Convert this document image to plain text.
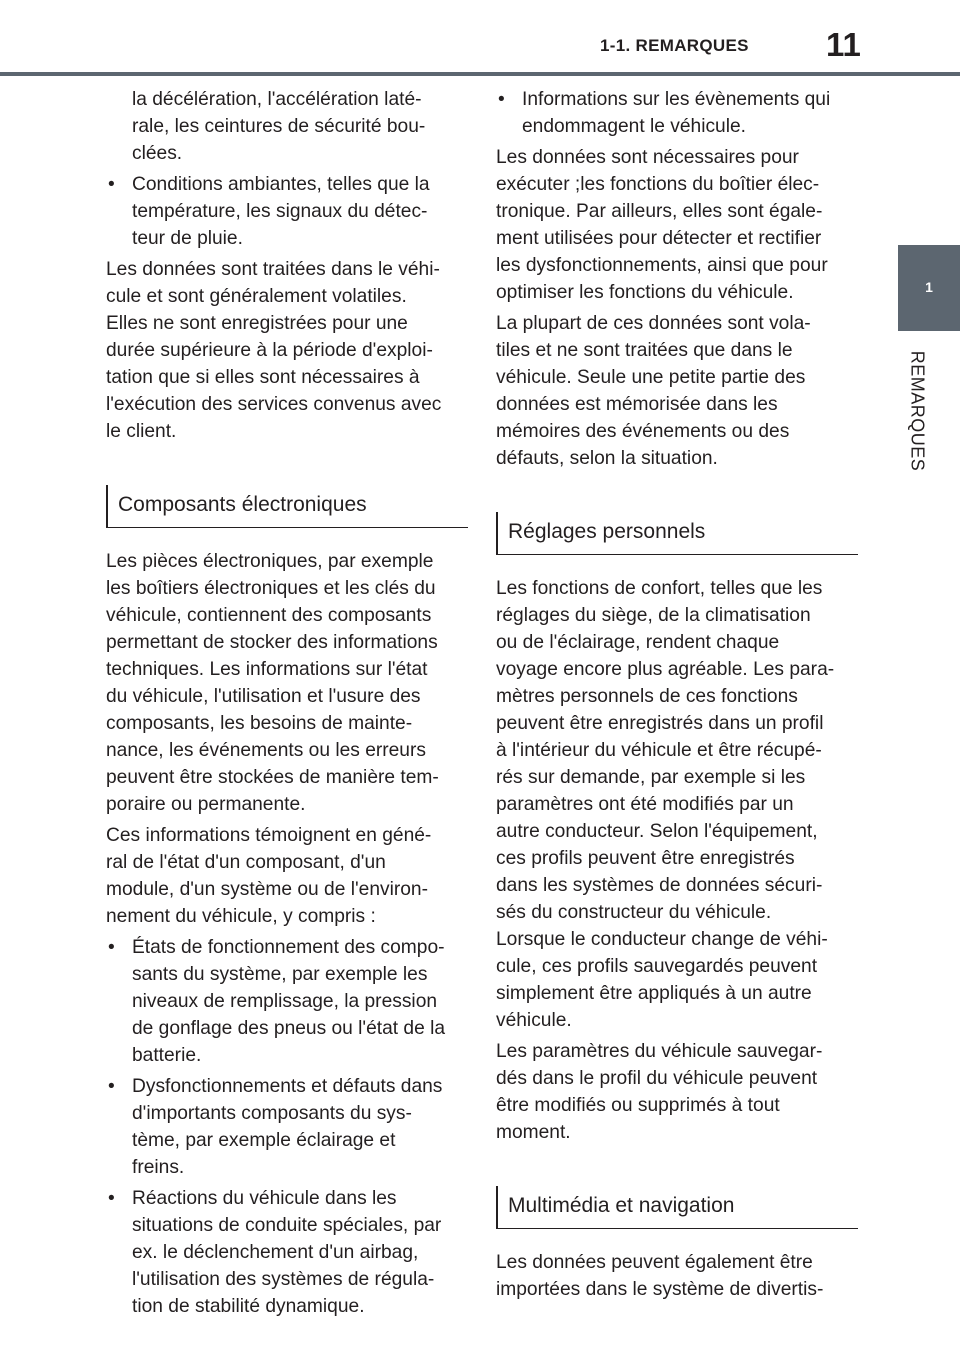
1-1. REMARQUES 11
1
REMARQUES
la décélération, l'accélération laté-
rale, les ceintures de sécurité bou-
clées.
• Conditions ambiantes, telles que la
température, les signaux du détec-
teur de pluie.
Les données sont traitées dans le véhi-
cule et sont généralement volatiles.
Elles ne sont enregistrées pour une
durée supérieure à la période d'exploi-
tation que si elles sont nécessaires à
l'exécution des services convenus avec
le client.
Composants électroniques
Les pièces électroniques, par exemple
les boîtiers électroniques et les clés du
véhicule, contiennent des composants
permettant de stocker des informations
techniques. Les informations sur l'état
du véhicule, l'utilisation et l'usure des
composants, les besoins de mainte-
nance, les événements ou les erreurs
peuvent être stockées de manière tem-
poraire ou permanente.
Ces informations témoignent en géné-
ral de l'état d'un composant, d'un
module, d'un système ou de l'environ-
nement du véhicule, y compris :
• États de fonctionnement des compo-
sants du système, par exemple les
niveaux de remplissage, la pression
de gonflage des pneus ou l'état de la
batterie.
• Dysfonctionnements et défauts dans
d'importants composants du sys-
tème, par exemple éclairage et
freins.
• Réactions du véhicule dans les
situations de conduite spéciales, par
ex. le déclenchement d'un airbag,
l'utilisation des systèmes de régula-
tion de stabilité dynamique.
• Informations sur les évènements qui
endommagent le véhicule.
Les données sont nécessaires pour
exécuter ;les fonctions du boîtier élec-
tronique. Par ailleurs, elles sont égale-
ment utilisées pour détecter et rectifier
les dysfonctionnements, ainsi que pour
optimiser les fonctions du véhicule.
La plupart de ces données sont vola-
tiles et ne sont traitées que dans le
véhicule. Seule une petite partie des
données est mémorisée dans les
mémoires des événements ou des
défauts, selon la situation.
Réglages personnels
Les fonctions de confort, telles que les
réglages du siège, de la climatisation
ou de l'éclairage, rendent chaque
voyage encore plus agréable. Les para-
mètres personnels de ces fonctions
peuvent être enregistrés dans un profil
à l'intérieur du véhicule et être récupé-
rés sur demande, par exemple si les
paramètres ont été modifiés par un
autre conducteur. Selon l'équipement,
ces profils peuvent être enregistrés
dans les systèmes de données sécuri-
sés du constructeur du véhicule.
Lorsque le conducteur change de véhi-
cule, ces profils sauvegardés peuvent
simplement être appliqués à un autre
véhicule.
Les paramètres du véhicule sauvegar-
dés dans le profil du véhicule peuvent
être modifiés ou supprimés à tout
moment.
Multimédia et navigation
Les données peuvent également être
importées dans le système de divertis-
